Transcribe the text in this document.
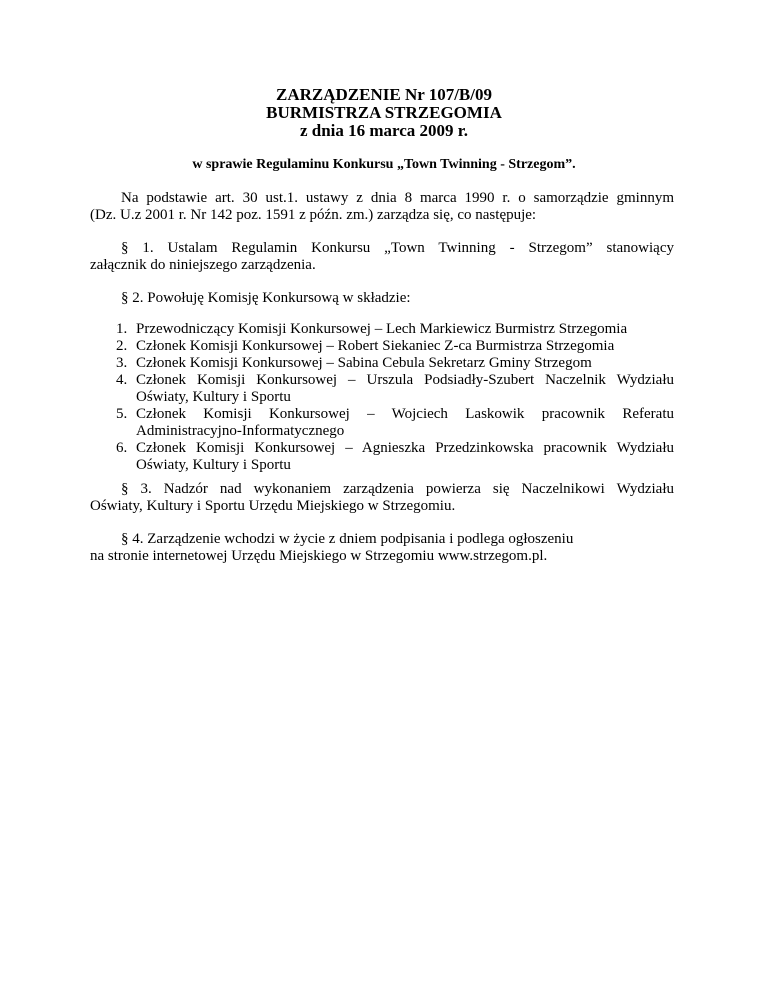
ZARZĄDZENIE Nr 107/B/09
BURMISTRZA STRZEGOMIA
z dnia 16 marca 2009 r.
w sprawie Regulaminu Konkursu „Town Twinning - Strzegom”.
Na podstawie art. 30 ust.1. ustawy z dnia 8 marca 1990 r. o samorządzie gminnym
(Dz. U.z 2001 r. Nr 142 poz. 1591 z późn. zm.) zarządza się, co następuje:
§ 1. Ustalam Regulamin Konkursu „Town Twinning - Strzegom” stanowiący
załącznik do niniejszego zarządzenia.
§ 2. Powołuję Komisję Konkursową w składzie:
1. Przewodniczący Komisji Konkursowej – Lech Markiewicz Burmistrz Strzegomia
2. Członek Komisji Konkursowej – Robert Siekaniec Z-ca Burmistrza Strzegomia
3. Członek Komisji Konkursowej – Sabina Cebula Sekretarz Gminy Strzegom
4. Członek Komisji Konkursowej – Urszula Podsiadły-Szubert Naczelnik Wydziału
Oświaty, Kultury i Sportu
5. Członek Komisji Konkursowej – Wojciech Laskowik pracownik Referatu
Administracyjno-Informatycznego
6. Członek Komisji Konkursowej – Agnieszka Przedzinkowska pracownik Wydziału
Oświaty, Kultury i Sportu
§ 3. Nadzór nad wykonaniem zarządzenia powierza się Naczelnikowi Wydziału
Oświaty, Kultury i Sportu Urzędu Miejskiego w Strzegomiu.
§ 4. Zarządzenie wchodzi w życie z dniem podpisania i podlega ogłoszeniu
na stronie internetowej Urzędu Miejskiego w Strzegomiu www.strzegom.pl.
